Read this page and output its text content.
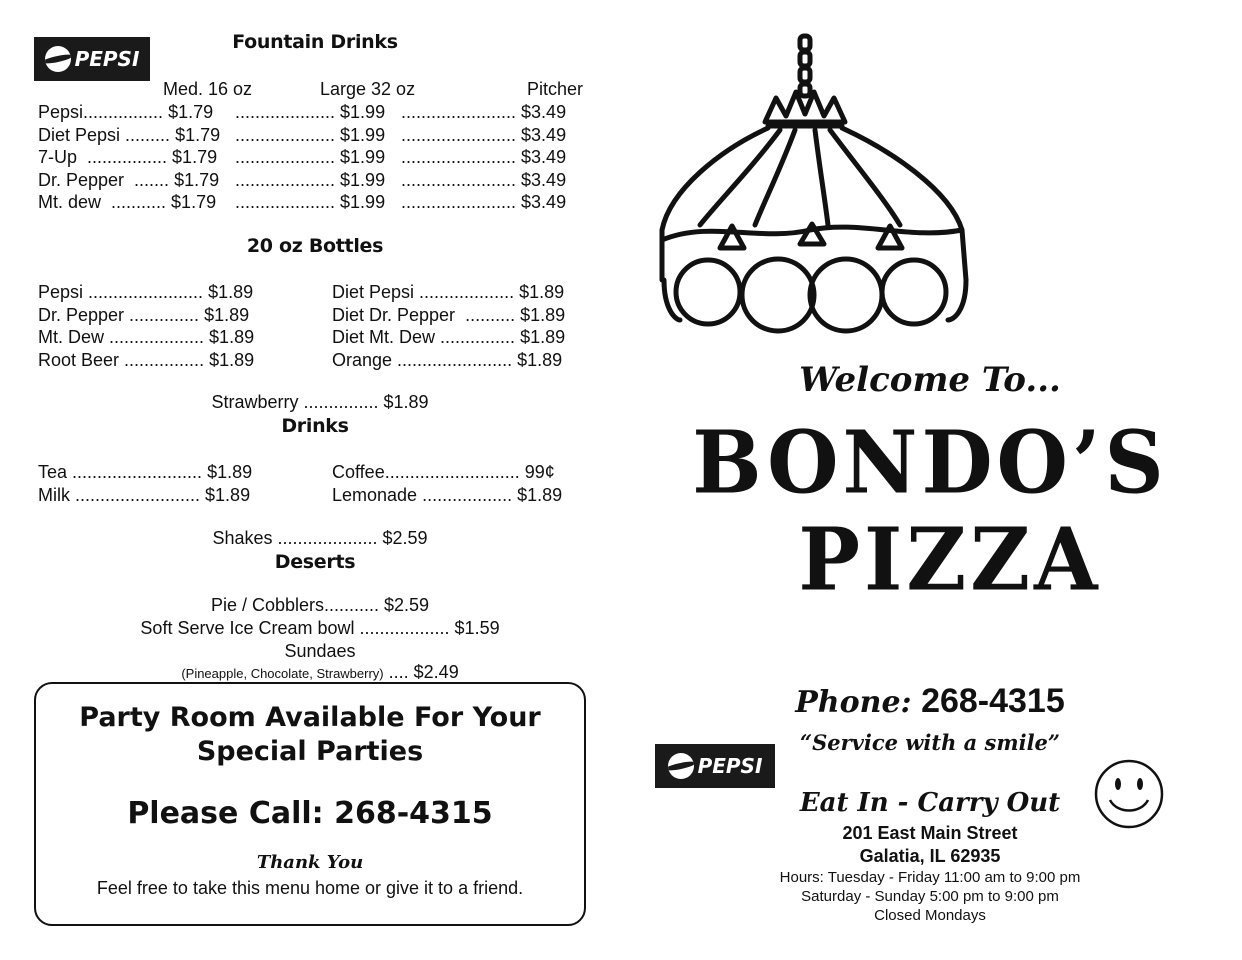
PEPSI
Fountain Drinks
Med. 16 oz	Large 32 oz	Pitcher
Pepsi................ $1.79 .................... $1.99 ....................... $3.49
Diet Pepsi ......... $1.79 .................... $1.99 ....................... $3.49
7-Up  ................ $1.79 .................... $1.99 ....................... $3.49
Dr. Pepper  ....... $1.79 .................... $1.99 ....................... $3.49
Mt. dew  ........... $1.79 .................... $1.99 ....................... $3.49
20 oz Bottles
Pepsi ....................... $1.89
Dr. Pepper .............. $1.89
Mt. Dew ................... $1.89
Root Beer ................ $1.89
Diet Pepsi ................... $1.89
Diet Dr. Pepper  .......... $1.89
Diet Mt. Dew ............... $1.89
Orange ....................... $1.89

Strawberry ............... $1.89

Drinks
Tea .......................... $1.89
Milk ......................... $1.89
Coffee........................... 99¢
Lemonade .................. $1.89

Shakes .................... $2.59

Deserts

Pie / Cobblers........... $2.59

Soft Serve Ice Cream bowl .................. $1.59

Sundaes
(Pineapple, Chocolate, Strawberry) .... $2.49

Party Room Available For Your
Special Parties
Please Call: 268-4315
Thank You
Feel free to take this menu home or give it to a friend.
Welcome To...
BONDO’S
PIZZA
Phone: 268-4315
“Service with a smile”
PEPSI
Eat In - Carry Out
201 East Main Street
Galatia, IL 62935
Hours: Tuesday - Friday 11:00 am to 9:00 pm
Saturday - Sunday 5:00 pm to 9:00 pm
Closed Mondays
